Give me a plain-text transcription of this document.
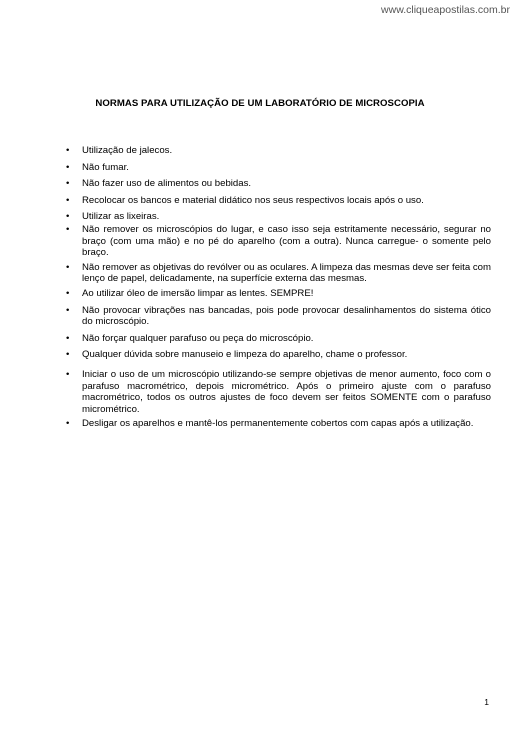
www.cliqueapostilas.com.br
NORMAS PARA UTILIZAÇÃO DE UM LABORATÓRIO DE MICROSCOPIA
• Utilização de jalecos.
• Não fumar.
• Não fazer uso de alimentos ou bebidas.
• Recolocar os bancos e material didático nos seus respectivos locais após o uso.
• Utilizar as lixeiras.
• Não remover os microscópios do lugar, e caso isso seja estritamente necessário, segurar no braço (com uma mão) e no pé do aparelho (com a outra). Nunca carregue- o somente pelo braço.
• Não remover as objetivas do revólver ou as oculares. A limpeza das mesmas deve ser feita com lenço de papel, delicadamente, na superfície externa das mesmas.
• Ao utilizar óleo de imersão limpar as lentes. SEMPRE!
• Não provocar vibrações nas bancadas, pois pode provocar desalinhamentos do sistema ótico do microscópio.
• Não forçar qualquer parafuso ou peça do microscópio.
• Qualquer dúvida sobre manuseio e limpeza do aparelho, chame o professor.
• Iniciar o uso de um microscópio utilizando-se sempre objetivas de menor aumento, foco com o parafuso macrométrico, depois micrométrico. Após o primeiro ajuste com o parafuso macrométrico, todos os outros ajustes de foco devem ser feitos SOMENTE com o parafuso micrométrico.
• Desligar os aparelhos e mantê-los permanentemente cobertos com capas após a utilização.
1
